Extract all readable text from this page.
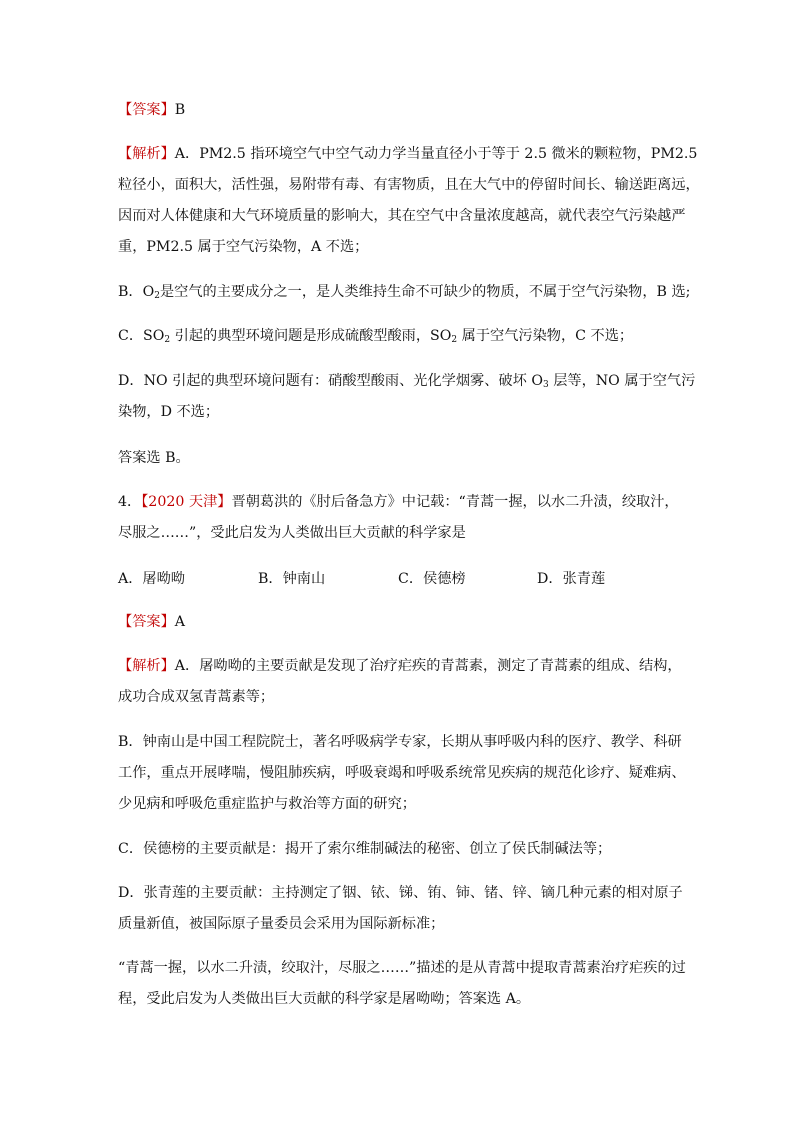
【答案】B
【解析】A．PM2.5 指环境空气中空气动力学当量直径小于等于 2.5 微米的颗粒物，PM2.5
粒径小，面积大，活性强，易附带有毒、有害物质，且在大气中的停留时间长、输送距离远，
因而对人体健康和大气环境质量的影响大，其在空气中含量浓度越高，就代表空气污染越严
重，PM2.5 属于空气污染物，A 不选；
B．$O_2$是空气的主要成分之一，是人类维持生命不可缺少的物质，不属于空气污染物，B 选;
C．$SO_2$ 引起的典型环境问题是形成硫酸型酸雨，$SO_2$ 属于空气污染物，C 不选；
D．NO 引起的典型环境问题有：硝酸型酸雨、光化学烟雾、破坏 $O_3$ 层等，NO 属于空气污
染物，D 不选；
答案选 B。
4．【2020 天津】晋朝葛洪的《肘后备急方》中记载：“青蒿一握，以水二升渍，绞取汁，
尽服之……”，受此启发为人类做出巨大贡献的科学家是
A．屠呦呦	B．钟南山	C．侯德榜	D．张青莲
【答案】A
【解析】A．屠呦呦的主要贡献是发现了治疗疟疾的青蒿素，测定了青蒿素的组成、结构，
成功合成双氢青蒿素等；
B．钟南山是中国工程院院士，著名呼吸病学专家，长期从事呼吸内科的医疗、教学、科研
工作，重点开展哮喘，慢阻肺疾病，呼吸衰竭和呼吸系统常见疾病的规范化诊疗、疑难病、
少见病和呼吸危重症监护与救治等方面的研究；
C．侯德榜的主要贡献是：揭开了索尔维制碱法的秘密、创立了侯氏制碱法等；
D．张青莲的主要贡献：主持测定了铟、铱、锑、铕、铈、锗、锌、镝几种元素的相对原子
质量新值，被国际原子量委员会采用为国际新标准；
“青蒿一握，以水二升渍，绞取汁，尽服之……”描述的是从青蒿中提取青蒿素治疗疟疾的过
程，受此启发为人类做出巨大贡献的科学家是屠呦呦；答案选 A。
